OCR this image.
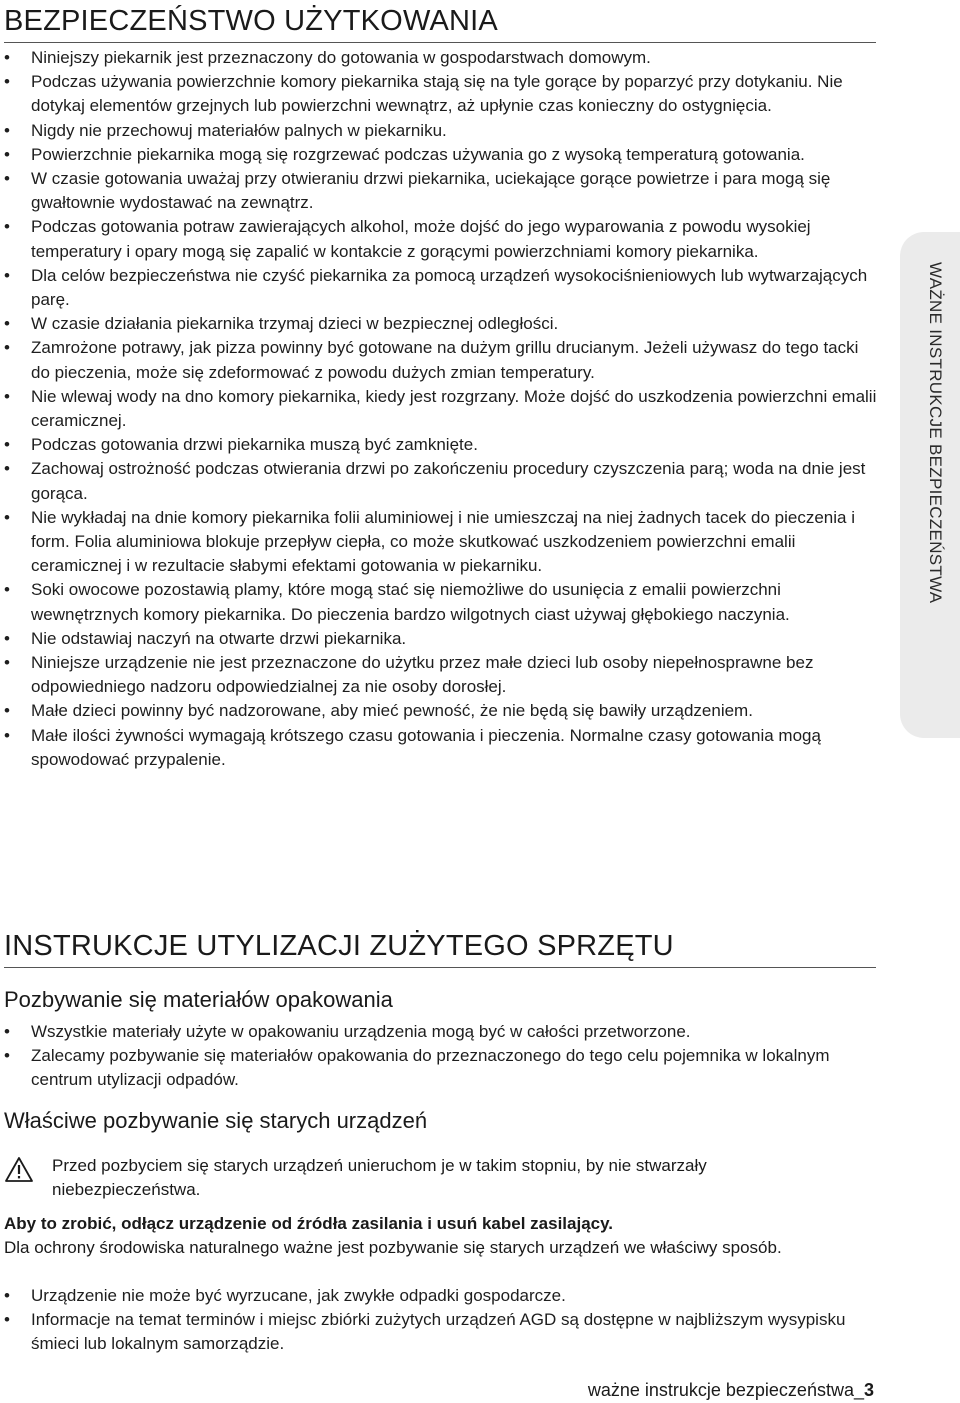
BEZPIECZEŃSTWO UŻYTKOWANIA
• Niniejszy piekarnik jest przeznaczony do gotowania w gospodarstwach domowym.
• Podczas używania powierzchnie komory piekarnika stają się na tyle gorące by poparzyć przy dotykaniu. Nie dotykaj elementów grzejnych lub powierzchni wewnątrz, aż upłynie czas konieczny do ostygnięcia.
• Nigdy nie przechowuj materiałów palnych w piekarniku.
• Powierzchnie piekarnika mogą się rozgrzewać podczas używania go z wysoką temperaturą gotowania.
• W czasie gotowania uważaj przy otwieraniu drzwi piekarnika, uciekające gorące powietrze i para mogą się gwałtownie wydostawać na zewnątrz.
• Podczas gotowania potraw zawierających alkohol, może dojść do jego wyparowania z powodu wysokiej temperatury i opary mogą się zapalić w kontakcie z gorącymi powierzchniami komory piekarnika.
• Dla celów bezpieczeństwa nie czyść piekarnika za pomocą urządzeń wysokociśnieniowych lub wytwarzających parę.
• W czasie działania piekarnika trzymaj dzieci w bezpiecznej odległości.
• Zamrożone potrawy, jak pizza powinny być gotowane na dużym grillu drucianym. Jeżeli używasz do tego tacki do pieczenia, może się zdeformować z powodu dużych zmian temperatury.
• Nie wlewaj wody na dno komory piekarnika, kiedy jest rozgrzany. Może dojść do uszkodzenia powierzchni emalii ceramicznej.
• Podczas gotowania drzwi piekarnika muszą być zamknięte.
• Zachowaj ostrożność podczas otwierania drzwi po zakończeniu procedury czyszczenia parą; woda na dnie jest gorąca.
• Nie wykładaj na dnie komory piekarnika folii aluminiowej i nie umieszczaj na niej żadnych tacek do pieczenia i form. Folia aluminiowa blokuje przepływ ciepła, co może skutkować uszkodzeniem powierzchni emalii ceramicznej i w rezultacie słabymi efektami gotowania w piekarniku.
• Soki owocowe pozostawią plamy, które mogą stać się niemożliwe do usunięcia z emalii powierzchni wewnętrznych komory piekarnika. Do pieczenia bardzo wilgotnych ciast używaj głębokiego naczynia.
• Nie odstawiaj naczyń na otwarte drzwi piekarnika.
• Niniejsze urządzenie nie jest przeznaczone do użytku przez małe dzieci lub osoby niepełnosprawne bez odpowiedniego nadzoru odpowiedzialnej za nie osoby dorosłej.
• Małe dzieci powinny być nadzorowane, aby mieć pewność, że nie będą się bawiły urządzeniem.
• Małe ilości żywności wymagają krótszego czasu gotowania i pieczenia. Normalne czasy gotowania mogą spowodować przypalenie.
INSTRUKCJE UTYLIZACJI ZUŻYTEGO SPRZĘTU
Pozbywanie się materiałów opakowania
• Wszystkie materiały użyte w opakowaniu urządzenia mogą być w całości przetworzone.
• Zalecamy pozbywanie się materiałów opakowania do przeznaczonego do tego celu pojemnika w lokalnym centrum utylizacji odpadów.
Właściwe pozbywanie się starych urządzeń
Przed pozbyciem się starych urządzeń unieruchom je w takim stopniu, by nie stwarzały niebezpieczeństwa.
Aby to zrobić, odłącz urządzenie od źródła zasilania i usuń kabel zasilający.
Dla ochrony środowiska naturalnego ważne jest pozbywanie się starych urządzeń we właściwy sposób.
• Urządzenie nie może być wyrzucane, jak zwykłe odpadki gospodarcze.
• Informacje na temat terminów i miejsc zbiórki zużytych urządzeń AGD są dostępne w najbliższym wysypisku śmieci lub lokalnym samorządzie.
WAŻNE INSTRUKCJE BEZPIECZEŃSTWA
ważne instrukcje bezpieczeństwa_3
